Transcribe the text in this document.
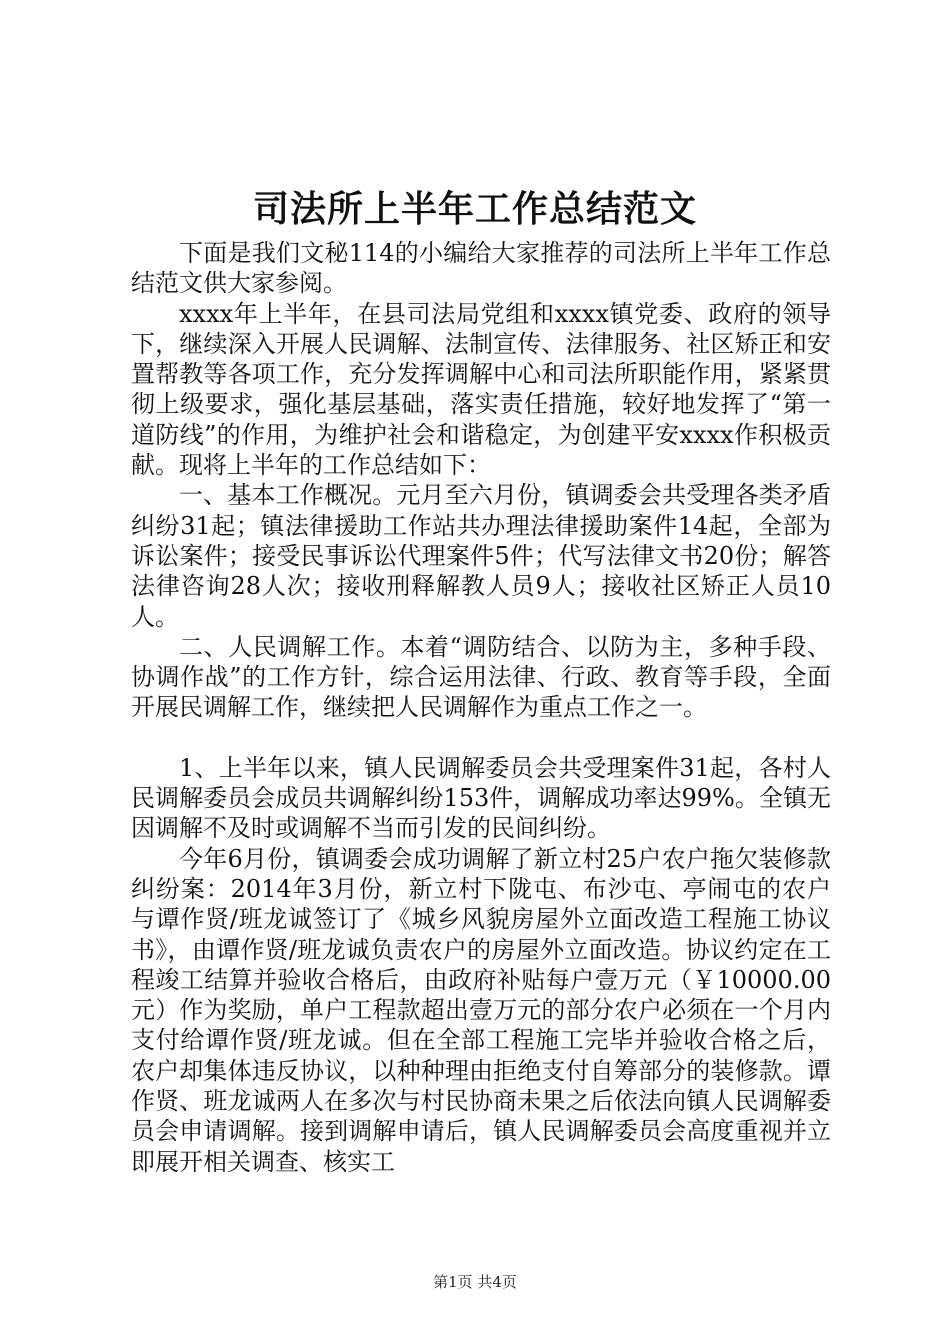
司法所上半年工作总结范文

下面是我们文秘114的小编给大家推荐的司法所上半年工作总结范文供大家参阅。

xxxx年上半年，在县司法局党组和xxxx镇党委、政府的领导下，继续深入开展人民调解、法制宣传、法律服务、社区矫正和安置帮教等各项工作，充分发挥调解中心和司法所职能作用，紧紧贯彻上级要求，强化基层基础，落实责任措施，较好地发挥了“第一道防线”的作用，为维护社会和谐稳定，为创建平安xxxx作积极贡献。现将上半年的工作总结如下：

一、基本工作概况。元月至六月份，镇调委会共受理各类矛盾纠纷31起；镇法律援助工作站共办理法律援助案件14起，全部为诉讼案件；接受民事诉讼代理案件5件；代写法律文书20份；解答法律咨询28人次；接收刑释解教人员9人；接收社区矫正人员10人。

二、人民调解工作。本着“调防结合、以防为主，多种手段、协调作战”的工作方针，综合运用法律、行政、教育等手段，全面开展民调解工作，继续把人民调解作为重点工作之一。

1、上半年以来，镇人民调解委员会共受理案件31起，各村人民调解委员会成员共调解纠纷153件，调解成功率达99%。全镇无因调解不及时或调解不当而引发的民间纠纷。

今年6月份，镇调委会成功调解了新立村25户农户拖欠装修款纠纷案：2014年3月份，新立村下陇屯、布沙屯、亭闹屯的农户与谭作贤/班龙诚签订了《城乡风貌房屋外立面改造工程施工协议书》，由谭作贤/班龙诚负责农户的房屋外立面改造。协议约定在工程竣工结算并验收合格后，由政府补贴每户壹万元（￥10000.00元）作为奖励，单户工程款超出壹万元的部分农户必须在一个月内支付给谭作贤/班龙诚。但在全部工程施工完毕并验收合格之后，农户却集体违反协议，以种种理由拒绝支付自筹部分的装修款。谭作贤、班龙诚两人在多次与村民协商未果之后依法向镇人民调解委员会申请调解。接到调解申请后，镇人民调解委员会高度重视并立即展开相关调查、核实工

第1页 共4页
